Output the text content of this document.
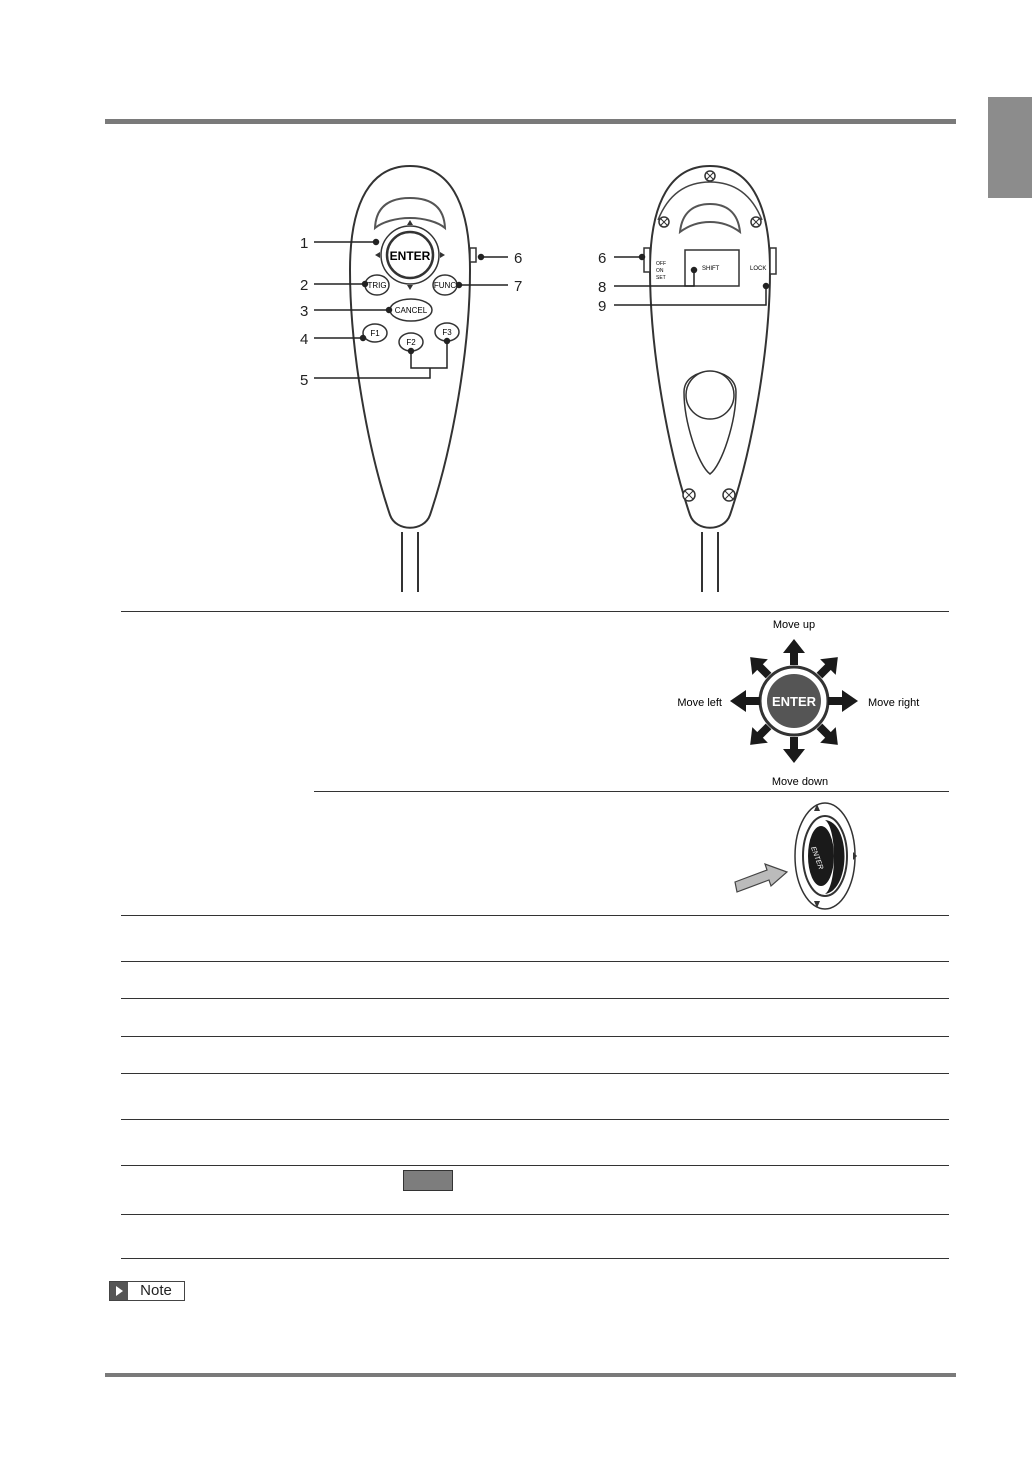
ENTER
TRIG	FUNC
CANCEL
F1
F2
F3
1
2
3
4
5
6
7
OFF
ON
SET
SHIFT	LOCK
6
8
9
ENTER
Move up
Move down
Move left	Move right
ENTER
Note
